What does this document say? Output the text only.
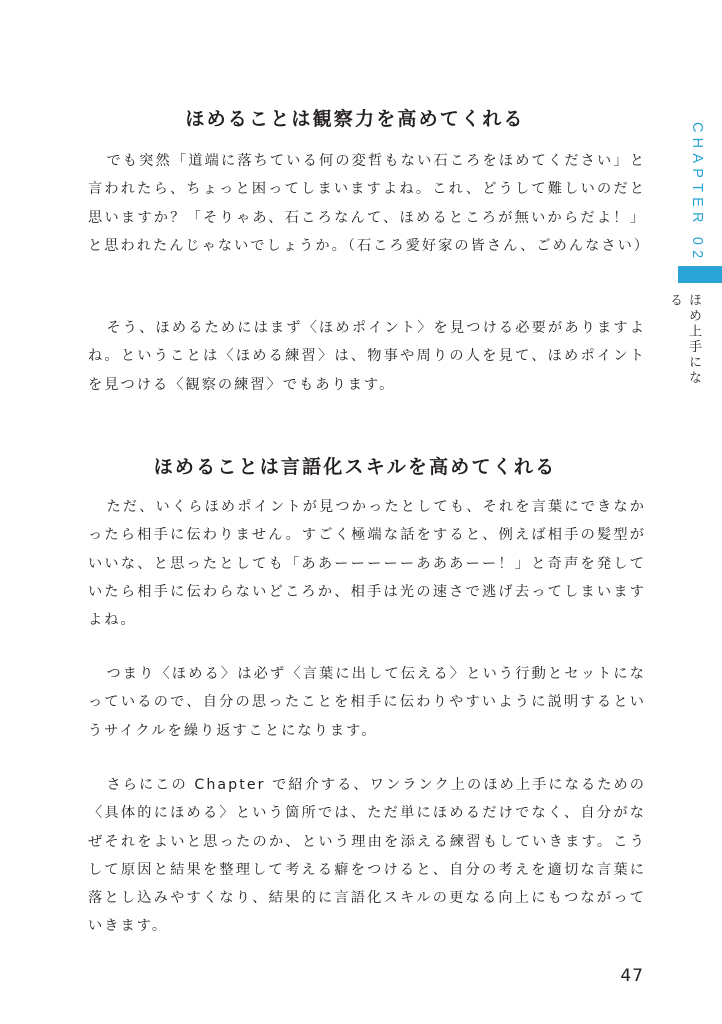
ほめることは観察力を高めてくれる

でも突然「道端に落ちている何の変哲もない石ころをほめてください」と言われたら、ちょっと困ってしまいますよね。これ、どうして難しいのだと思いますか？「そりゃあ、石ころなんて、ほめるところが無いからだよ！」と思われたんじゃないでしょうか。（石ころ愛好家の皆さん、ごめんなさい）

そう、ほめるためにはまず〈ほめポイント〉を見つける必要がありますよね。ということは〈ほめる練習〉は、物事や周りの人を見て、ほめポイントを見つける〈観察の練習〉でもあります。

ほめることは言語化スキルを高めてくれる

ただ、いくらほめポイントが見つかったとしても、それを言葉にできなかったら相手に伝わりません。すごく極端な話をすると、例えば相手の髪型がいいな、と思ったとしても「ああーーーーーあああーー！」と奇声を発していたら相手に伝わらないどころか、相手は光の速さで逃げ去ってしまいますよね。

つまり〈ほめる〉は必ず〈言葉に出して伝える〉という行動とセットになっているので、自分の思ったことを相手に伝わりやすいように説明するというサイクルを繰り返すことになります。

さらにこの Chapter で紹介する、ワンランク上のほめ上手になるための〈具体的にほめる〉という箇所では、ただ単にほめるだけでなく、自分がなぜそれをよいと思ったのか、という理由を添える練習もしていきます。こうして原因と結果を整理して考える癖をつけると、自分の考えを適切な言葉に落とし込みやすくなり、結果的に言語化スキルの更なる向上にもつながっていきます。

CHAPTER 02
ほめ上手になる
47
